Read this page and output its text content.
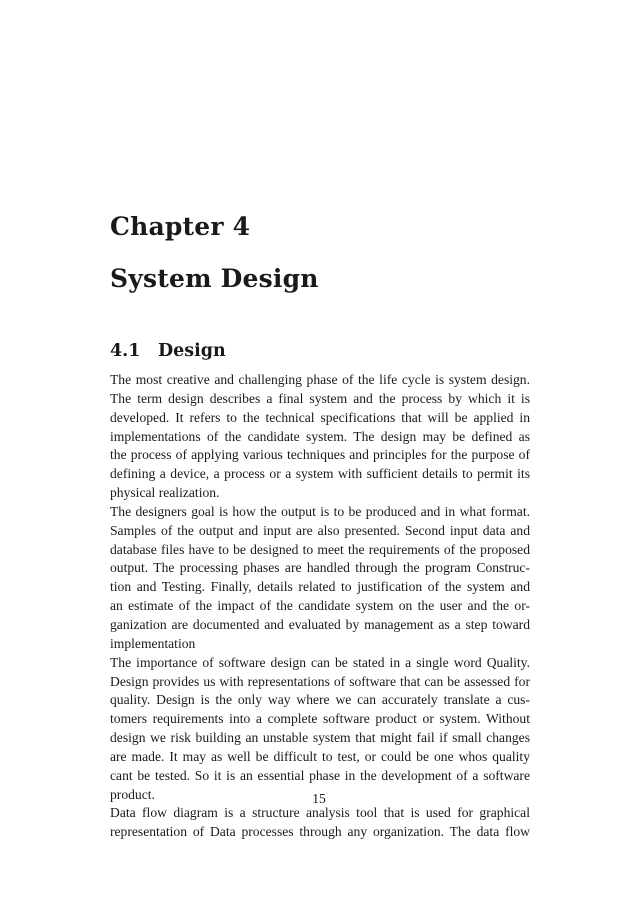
Chapter 4
System Design
4.1 Design
The most creative and challenging phase of the life cycle is system design.
The term design describes a final system and the process by which it is
developed. It refers to the technical specifications that will be applied in
implementations of the candidate system. The design may be defined as
the process of applying various techniques and principles for the purpose of
defining a device, a process or a system with sufficient details to permit its
physical realization.
The designers goal is how the output is to be produced and in what format.
Samples of the output and input are also presented. Second input data and
database files have to be designed to meet the requirements of the proposed
output. The processing phases are handled through the program Construc-
tion and Testing. Finally, details related to justification of the system and
an estimate of the impact of the candidate system on the user and the or-
ganization are documented and evaluated by management as a step toward
implementation
The importance of software design can be stated in a single word Quality.
Design provides us with representations of software that can be assessed for
quality. Design is the only way where we can accurately translate a cus-
tomers requirements into a complete software product or system. Without
design we risk building an unstable system that might fail if small changes
are made. It may as well be difficult to test, or could be one whos quality
cant be tested. So it is an essential phase in the development of a software
product.
Data flow diagram is a structure analysis tool that is used for graphical
representation of Data processes through any organization. The data flow
15
